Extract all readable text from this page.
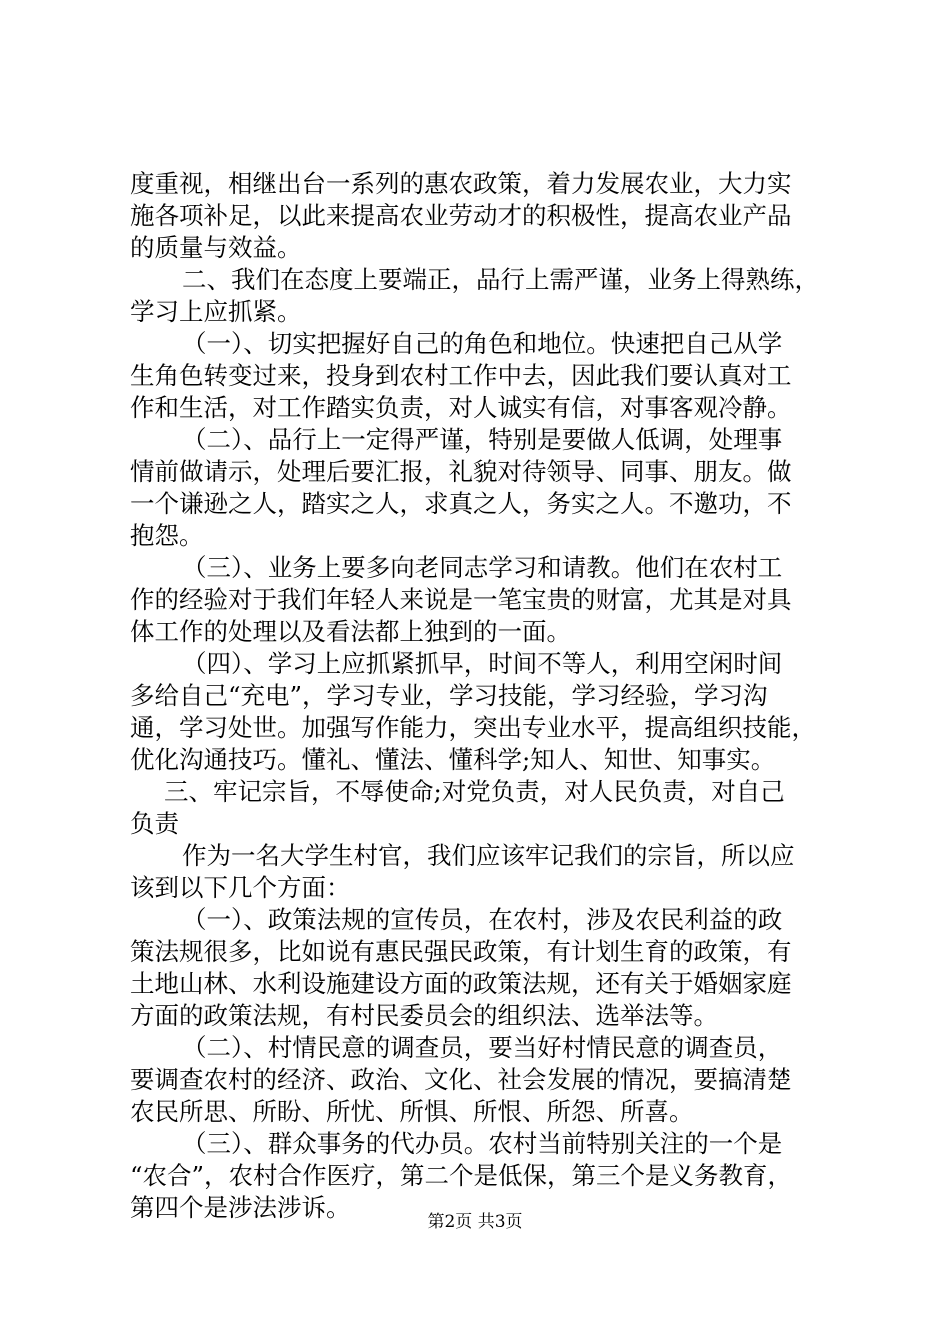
度重视，相继出台一系列的惠农政策，着力发展农业，大力实
施各项补足，以此来提高农业劳动才的积极性，提高农业产品
的质量与效益。
二、我们在态度上要端正，品行上需严谨，业务上得熟练，
学习上应抓紧。
（一）、切实把握好自己的角色和地位。快速把自己从学
生角色转变过来，投身到农村工作中去，因此我们要认真对工
作和生活，对工作踏实负责，对人诚实有信，对事客观冷静。
（二）、品行上一定得严谨，特别是要做人低调，处理事
情前做请示，处理后要汇报，礼貌对待领导、同事、朋友。做
一个谦逊之人，踏实之人，求真之人，务实之人。不邀功，不
抱怨。
（三）、业务上要多向老同志学习和请教。他们在农村工
作的经验对于我们年轻人来说是一笔宝贵的财富，尤其是对具
体工作的处理以及看法都上独到的一面。
（四）、学习上应抓紧抓早，时间不等人，利用空闲时间
多给自己“充电”，学习专业，学习技能，学习经验，学习沟
通，学习处世。加强写作能力，突出专业水平，提高组织技能，
优化沟通技巧。懂礼、懂法、懂科学;知人、知世、知事实。
三、牢记宗旨，不辱使命;对党负责，对人民负责，对自己
负责
作为一名大学生村官，我们应该牢记我们的宗旨，所以应
该到以下几个方面：
（一）、政策法规的宣传员，在农村，涉及农民利益的政
策法规很多，比如说有惠民强民政策，有计划生育的政策，有
土地山林、水利设施建设方面的政策法规，还有关于婚姻家庭
方面的政策法规，有村民委员会的组织法、选举法等。
（二）、村情民意的调查员，要当好村情民意的调查员，
要调查农村的经济、政治、文化、社会发展的情况，要搞清楚
农民所思、所盼、所忧、所惧、所恨、所怨、所喜。
（三）、群众事务的代办员。农村当前特别关注的一个是
“农合”，农村合作医疗，第二个是低保，第三个是义务教育，
第四个是涉法涉诉。	第2页 共3页
